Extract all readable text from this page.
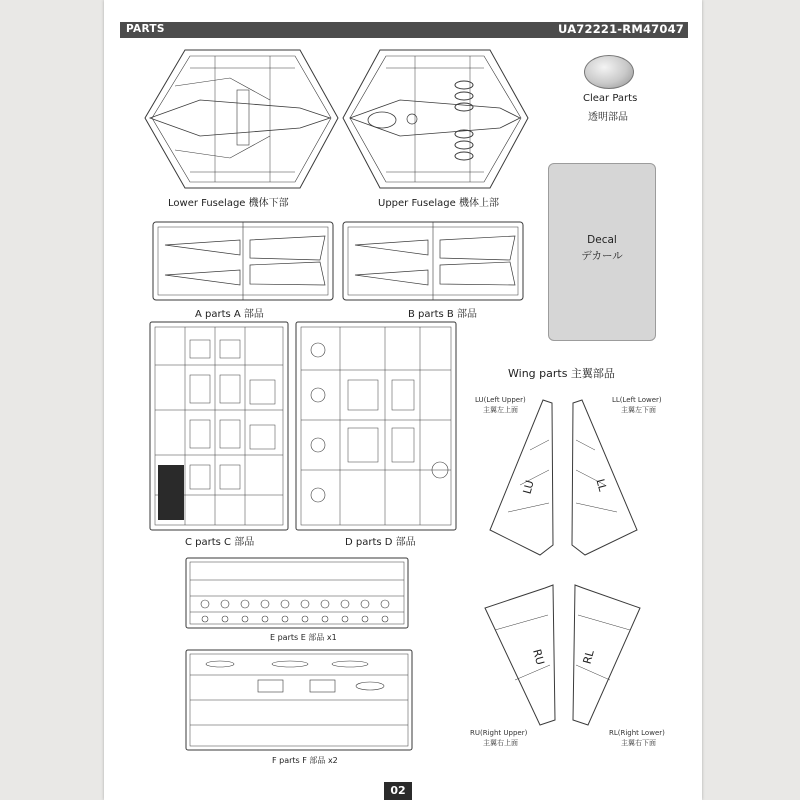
PARTS	UA72221-RM47047
LU	LL
RU	RL
Clear Parts
透明部品
Decal
デカール
Lower Fuselage 機体下部	Upper Fuselage 機体上部
A parts A 部品	B parts B 部品
C parts C 部品	D parts D 部品
E parts E 部品 x1
F parts F 部品 x2
Wing parts 主翼部品
LU(Left Upper)
主翼左上面
LL(Left Lower)
主翼左下面
RU(Right Upper)
主翼右上面
RL(Right Lower)
主翼右下面
02
